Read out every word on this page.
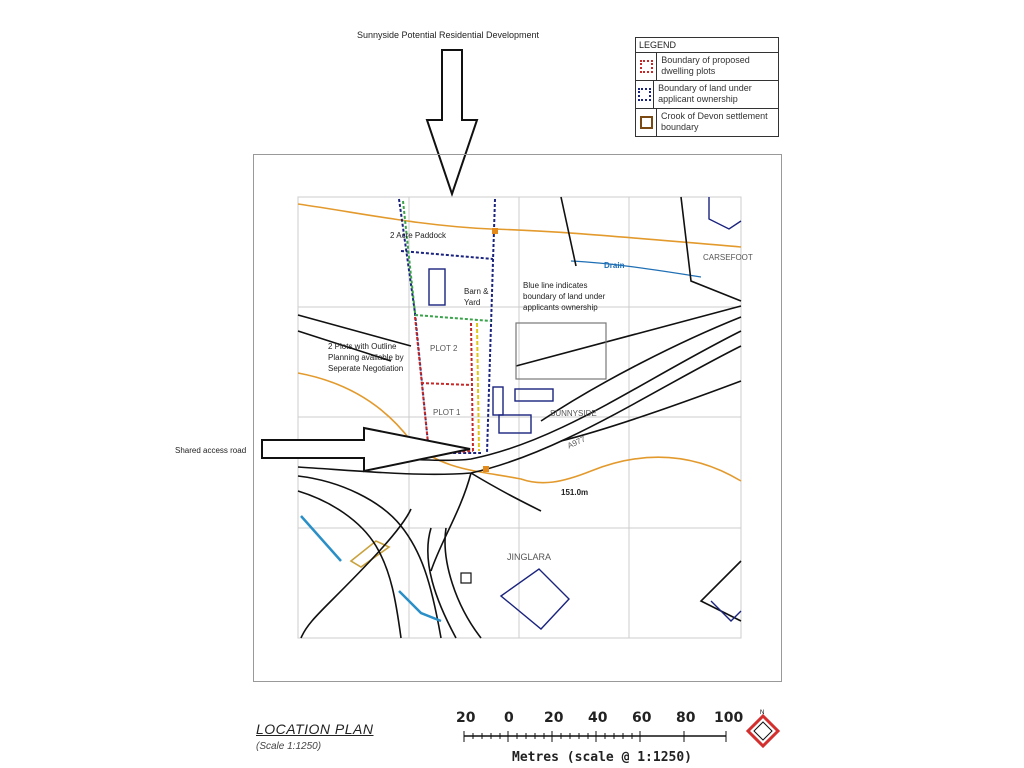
Sunnyside Potential Residential Development
LEGEND
Boundary of proposed dwelling plots
Boundary of land under applicant ownership
Crook of Devon settlement boundary
2 Acre Paddock
Barn & Yard
Blue line indicates boundary of land under applicants ownership
PLOT 2
PLOT 1
2 Plots with Outline Planning available by Seperate Negotiation
CARSEFOOT
SUNNYSIDE
JINGLARA
A977
Drain
151.0m
Shared access road
LOCATION PLAN
(Scale 1:1250)
20 0 20 40 60 80 100
Metres (scale @ 1:1250)
N
